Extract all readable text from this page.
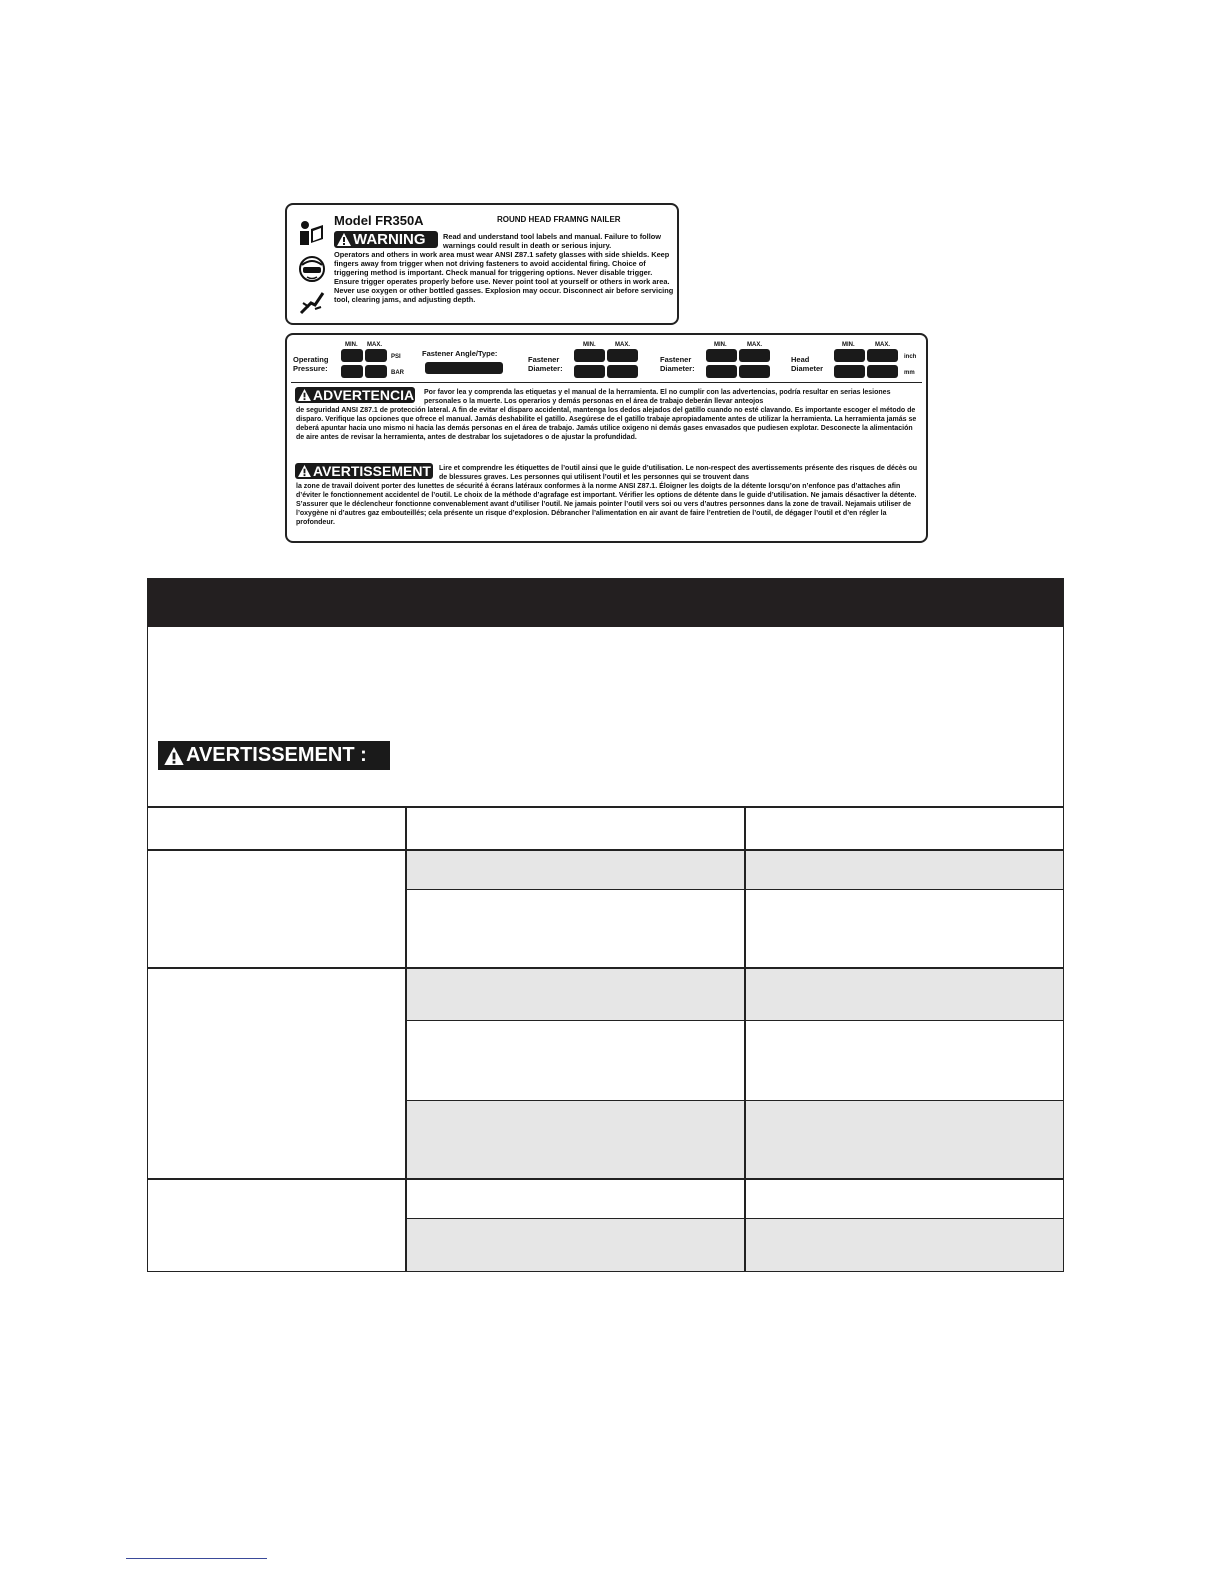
Model FR350A	ROUND HEAD FRAMNG NAILER
WARNING Read and understand tool labels and manual. Failure to follow warnings could result in death or serious injury.
Operators and others in work area must wear ANSI Z87.1 safety glasses with side shields. Keep fingers away from trigger when not driving fasteners to avoid accidental firing. Choice of triggering method is important. Check manual for triggering options. Never disable trigger. Ensure trigger operates properly before use. Never point tool at yourself or others in work area. Never use oxygen or other bottled gasses. Explosion may occur. Disconnect air before servicing tool, clearing jams, and adjusting depth.
MIN. MAX.
Operating
Pressure:
PSI
BAR
Fastener Angle/Type:
MIN.	MAX.
Fastener
Diameter:
MIN.	MAX.
Fastener
Diameter:
MIN.	MAX.
Head
Diameter
inch
mm
ADVERTENCIA Por favor lea y comprenda las etiquetas y el manual de la herramienta. El no cumplir con las advertencias, podría resultar en serias lesiones personales o la muerte. Los operarios y demás personas en el área de trabajo deberán llevar anteojos
de seguridad ANSI Z87.1 de protección lateral. A fin de evitar el disparo accidental, mantenga los dedos alejados del gatillo cuando no esté clavando. Es importante escoger el método de disparo. Verifique las opciones que ofrece el manual. Jamás deshabilite el gatillo. Asegúrese de el gatillo trabaje apropiadamente antes de utilizar la herramienta. La herramienta jamás se deberá apuntar hacia uno mismo ni hacia las demás personas en el área de trabajo. Jamás utilice oxigeno ni demás gases envasados que pudiesen explotar. Desconecte la alimentación de aire antes de revisar la herramienta, antes de destrabar los sujetadores o de ajustar la profundidad.
AVERTISSEMENT Lire et comprendre les étiquettes de l’outil ainsi que le guide d’utilisation. Le non-respect des avertissements présente des risques de décès ou de blessures graves. Les personnes qui utilisent l’outil et les personnes qui se trouvent dans
la zone de travail doivent porter des lunettes de sécurité à écrans latéraux conformes à la norme ANSI Z87.1. Éloigner les doigts de la détente lorsqu’on n’enfonce pas d’attaches afin d’éviter le fonctionnement accidentel de l’outil. Le choix de la méthode d’agrafage est important. Vérifier les options de détente dans le guide d’utilisation. Ne jamais désactiver la détente. S’assurer que le déclencheur fonctionne convenablement avant d’utiliser l’outil. Ne jamais pointer l’outil vers soi ou vers d’autres personnes dans la zone de travail. Nejamais utiliser de l’oxygène ni d’autres gaz embouteillés; cela présente un risque d’explosion. Débrancher l’alimentation en air avant de faire l’entretien de l’outil, de dégager l’outil et d’en régler la profondeur.
AVERTISSEMENT :
